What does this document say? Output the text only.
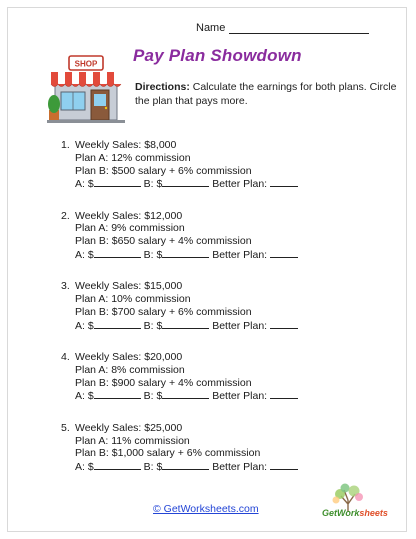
Name
SHOP Pay Plan Showdown
Directions: Calculate the earnings for both plans. Circle the plan that pays more.
1. Weekly Sales: $8,000
Plan A: 12% commission
Plan B: $500 salary + 6% commission
A: $	B: $	Better Plan:
2. Weekly Sales: $12,000
Plan A: 9% commission
Plan B: $650 salary + 4% commission
A: $	B: $	Better Plan:
3. Weekly Sales: $15,000
Plan A: 10% commission
Plan B: $700 salary + 6% commission
A: $	B: $	Better Plan:
4. Weekly Sales: $20,000
Plan A: 8% commission
Plan B: $900 salary + 4% commission
A: $	B: $	Better Plan:
5. Weekly Sales: $25,000
Plan A: 11% commission
Plan B: $1,000 salary + 6% commission
A: $	B: $	Better Plan:
© GetWorksheets.com	GetWorksheets
